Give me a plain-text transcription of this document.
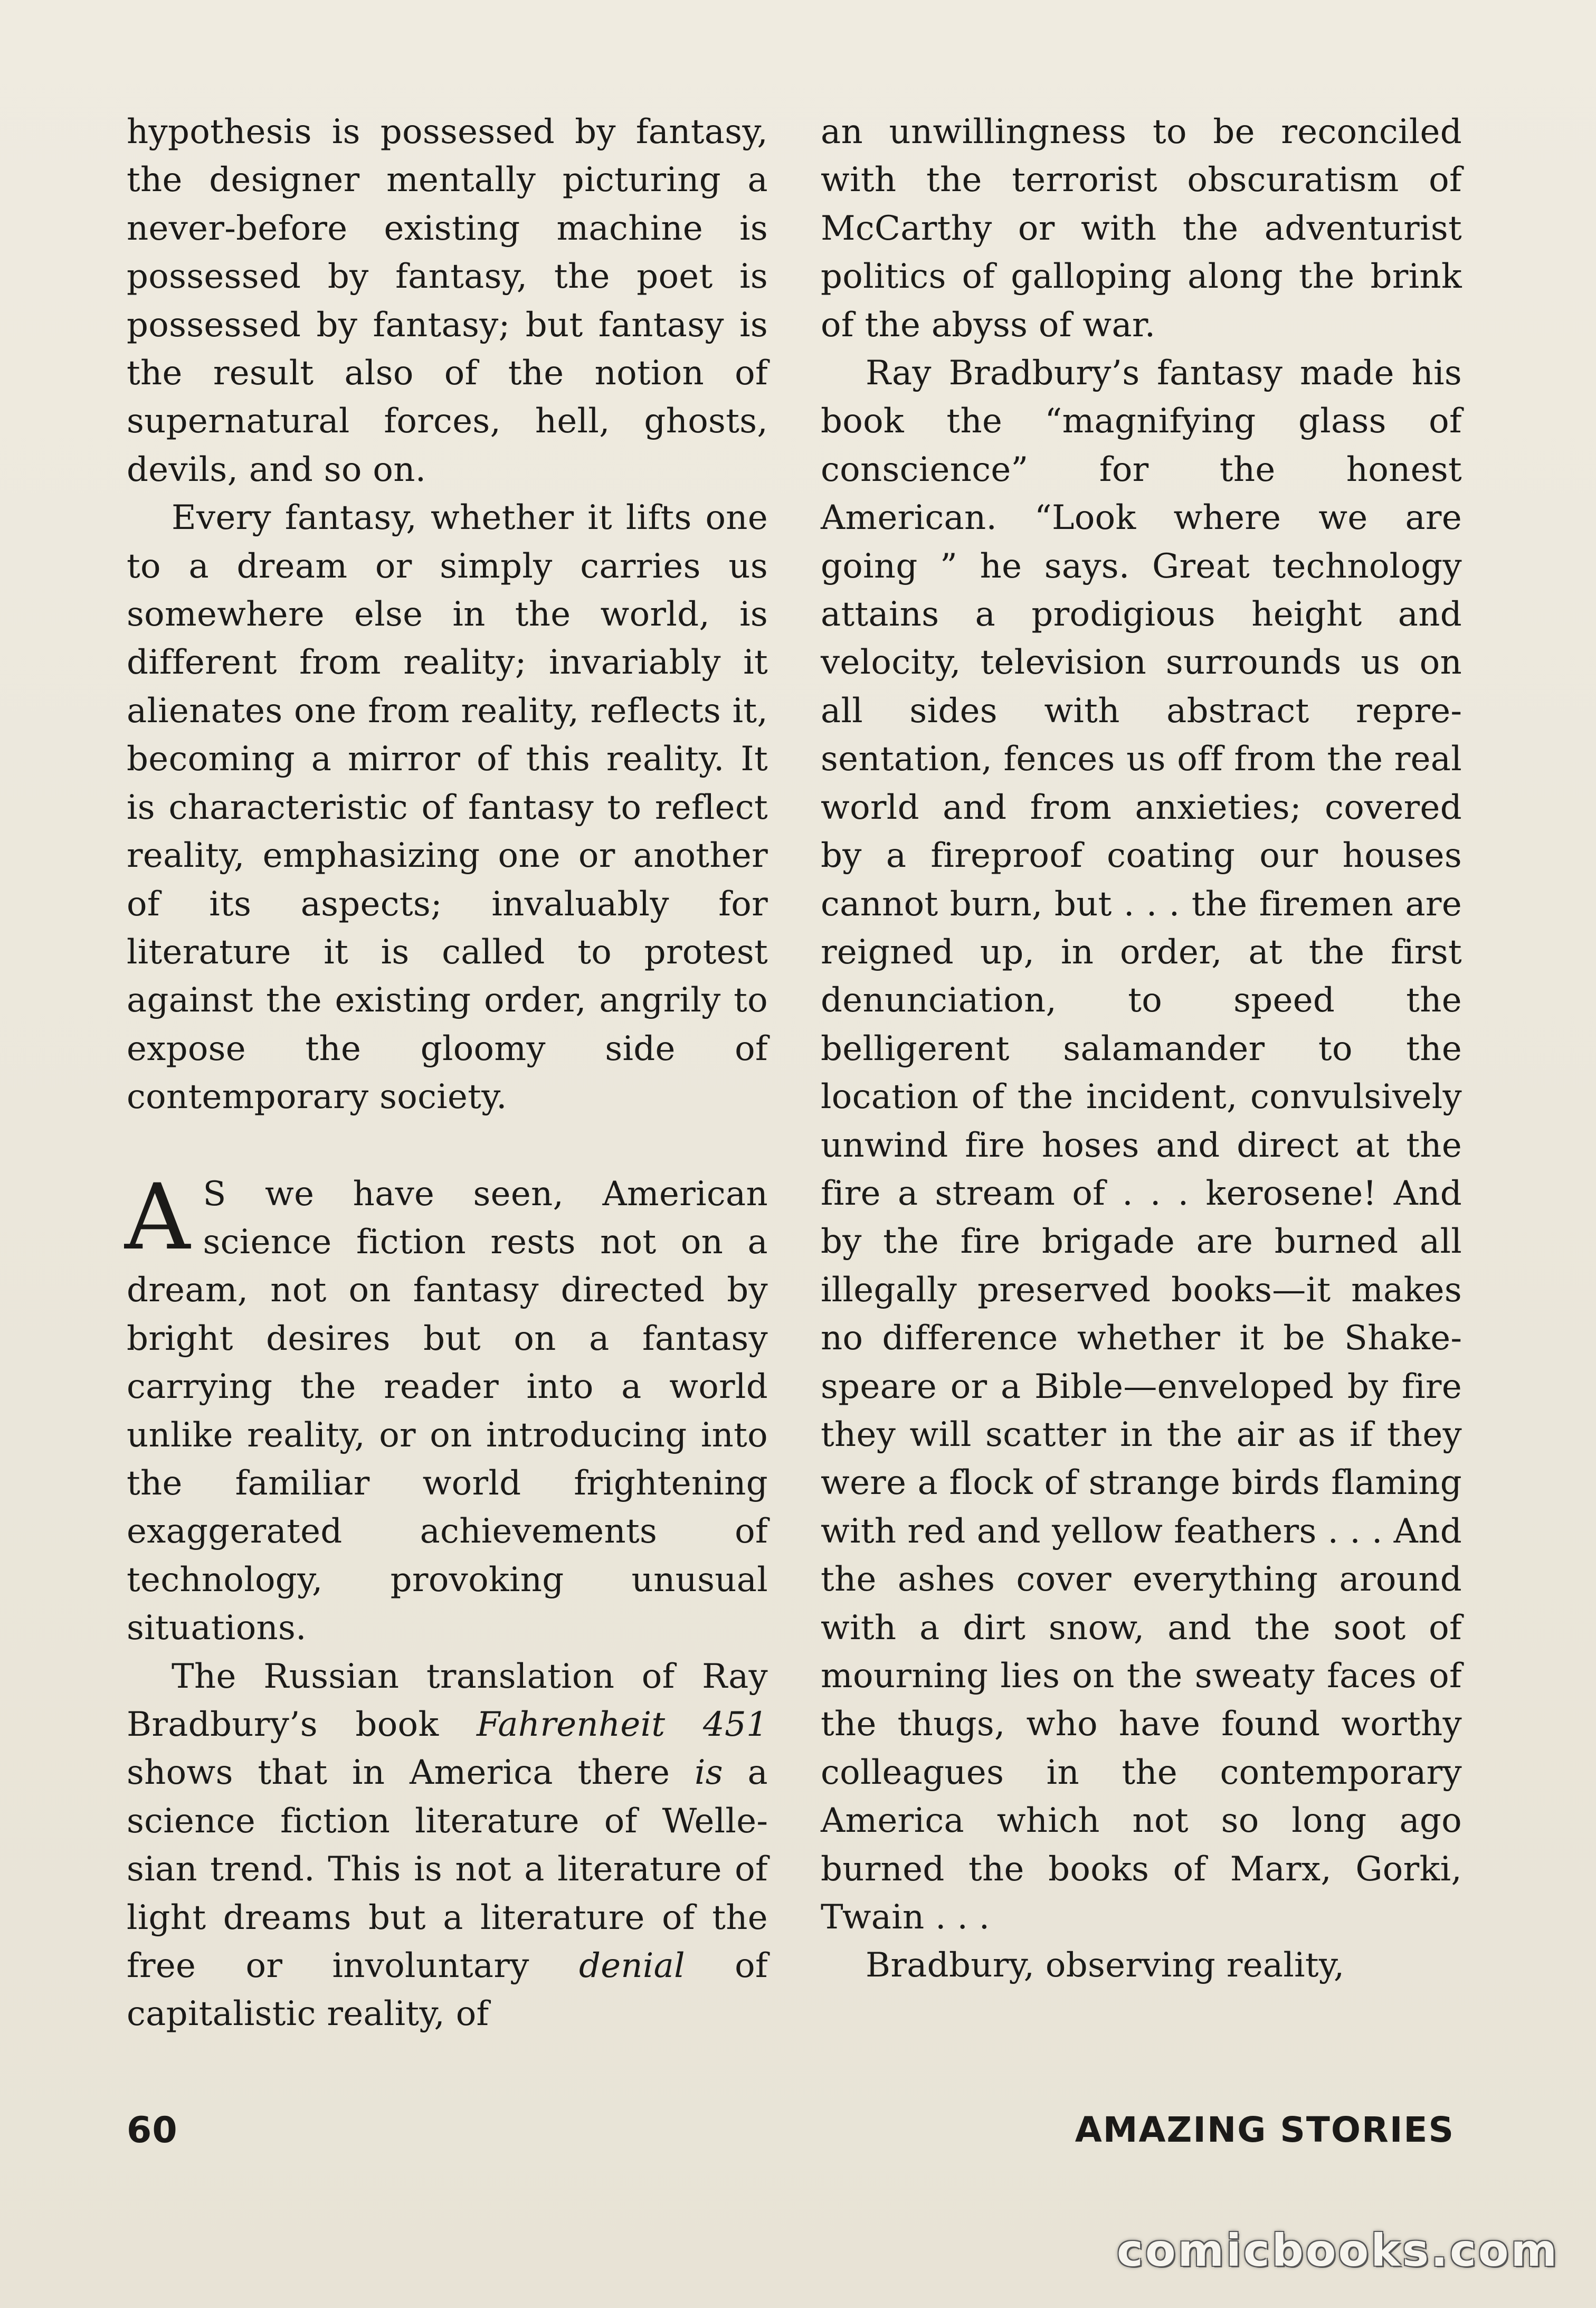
hypothesis is possessed by fantasy, the designer mentally picturing a never-before existing machine is possessed by fantasy, the poet is possessed by fantasy; but fantasy is the result also of the notion of supernatural forces, hell, ghosts, devils, and so on.

Every fantasy, whether it lifts one to a dream or simply carries us somewhere else in the world, is different from reality; invariably it alienates one from reality, reflects it, becoming a mirror of this reality. It is characteristic of fantasy to reflect reality, emphasizing one or another of its aspects; invaluably for literature it is called to protest against the existing order, angrily to expose the gloomy side of contemporary society.

A S we have seen, American science fiction rests not on a dream, not on fantasy directed by bright desires but on a fantasy carrying the reader into a world unlike reality, or on introducing into the familiar world frightening exaggerated achievements of technology, provoking unusual situations.

The Russian translation of Ray Bradbury’s book Fahrenheit 451 shows that in America there is a science fiction literature of Wellesian trend. This is not a literature of light dreams but a literature of the free or involuntary denial of capitalistic reality, of

an unwillingness to be reconciled with the terrorist obscuratism of McCarthy or with the adventurist politics of galloping along the brink of the abyss of war.

Ray Bradbury’s fantasy made his book the “magnifying glass of conscience” for the honest American. “Look where we are going ” he says. Great technology attains a prodigious height and velocity, television surrounds us on all sides with abstract representation, fences us off from the real world and from anxieties; covered by a fireproof coating our houses cannot burn, but . . . the firemen are reigned up, in order, at the first denunciation, to speed the belligerent salamander to the location of the incident, convulsively unwind fire hoses and direct at the fire a stream of . . . kerosene! And by the fire brigade are burned all illegally preserved books—it makes no difference whether it be Shakespeare or a Bible—enveloped by fire they will scatter in the air as if they were a flock of strange birds flaming with red and yellow feathers . . . And the ashes cover everything around with a dirt snow, and the soot of mourning lies on the sweaty faces of the thugs, who have found worthy colleagues in the contemporary America which not so long ago burned the books of Marx, Gorki, Twain . . .

Bradbury, observing reality,

60	AMAZING STORIES
comicbooks.com
